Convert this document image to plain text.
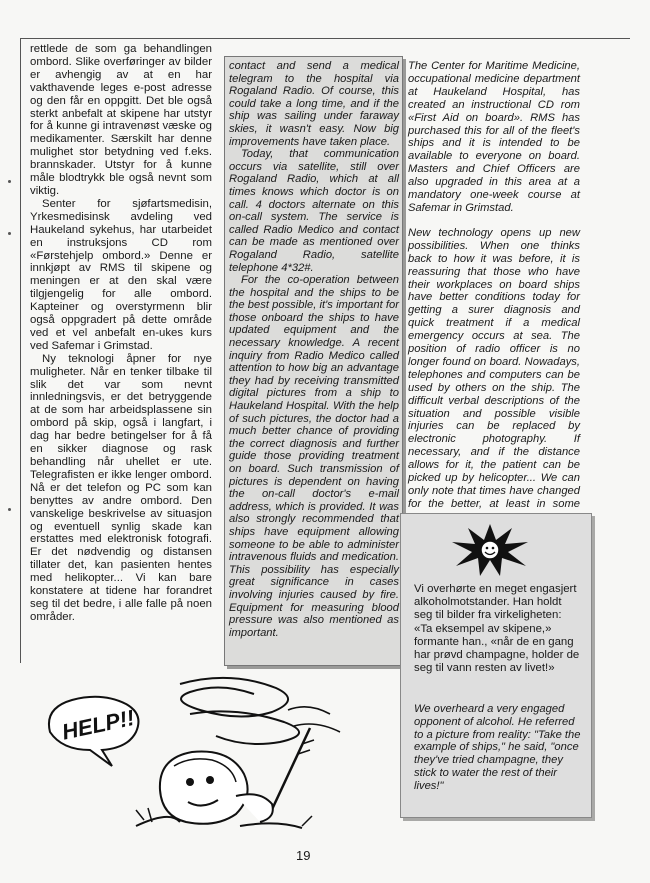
rettlede de som ga behandlingen ombord. Slike overføringer av bilder er avhengig av at en har vakthavende leges e-post adresse og den får en oppgitt. Det ble også sterkt anbefalt at skipene har utstyr for å kunne gi intravenøst væske og medikamenter. Særskilt har denne mulighet stor betydning ved f.eks. brannskader. Utstyr for å kunne måle blodtrykk ble også nevnt som viktig.

Senter for sjøfartsmedisin, Yrkesmedisinsk avdeling ved Haukeland sykehus, har utarbeidet en instruksjons CD rom «Førstehjelp ombord.» Denne er innkjøpt av RMS til skipene og meningen er at den skal være tilgjengelig for alle ombord. Kapteiner og overstyrmenn blir også oppgradert på dette område ved et vel anbefalt en-ukes kurs ved Safemar i Grimstad.

Ny teknologi åpner for nye muligheter. Når en tenker tilbake til slik det var som nevnt innledningsvis, er det betryggende at de som har arbeidsplassene sin ombord på skip, også i langfart, i dag har bedre betingelser for å få en sikker diagnose og rask behandling når uhellet er ute. Telegrafisten er ikke lenger ombord. Nå er det telefon og PC som kan benyttes av andre ombord. Den vanskelige beskrivelse av situasjon og eventuell synlig skade kan erstattes med elektronisk fotografi. Er det nødvendig og distansen tillater det, kan pasienten hentes med helikopter... Vi kan bare konstatere at tidene har forandret seg til det bedre, i alle falle på noen områder.

contact and send a medical telegram to the hospital via Rogaland Radio. Of course, this could take a long time, and if the ship was sailing under faraway skies, it wasn't easy. Now big improvements have taken place.

Today, that communication occurs via satellite, still over Rogaland Radio, which at all times knows which doctor is on call. 4 doctors alternate on this on-call system. The service is called Radio Medico and contact can be made as mentioned over Rogaland Radio, satellite telephone 4*32#.

For the co-operation between the hospital and the ships to be the best possible, it's important for those onboard the ships to have updated equipment and the necessary knowledge. A recent inquiry from Radio Medico called attention to how big an advantage they had by receiving transmitted digital pictures from a ship to Haukeland Hospital. With the help of such pictures, the doctor had a much better chance of providing the correct diagnosis and further guide those providing treatment on board. Such transmission of pictures is dependent on having the on-call doctor's e-mail address, which is provided. It was also strongly recommended that ships have equipment allowing someone to be able to administer intravenous fluids and medication. This possibility has especially great significance in cases involving injuries caused by fire. Equipment for measuring blood pressure was also mentioned as important.

The Center for Maritime Medicine, occupational medicine department at Haukeland Hospital, has created an instructional CD rom «First Aid on board». RMS has purchased this for all of the fleet's ships and it is intended to be available to everyone on board. Masters and Chief Officers are also upgraded in this area at a mandatory one-week course at Safemar in Grimstad.

New technology opens up new possibilities. When one thinks back to how it was before, it is reassuring that those who have their workplaces on board ships have better conditions today for getting a surer diagnosis and quick treatment if a medical emergency occurs at sea. The position of radio officer is no longer found on board. Nowadays, telephones and computers can be used by others on the ship. The difficult verbal descriptions of the situation and possible visible injuries can be replaced by electronic photography. If necessary, and if the distance allows for it, the patient can be picked up by helicopter... We can only note that times have changed for the better, at least in some

Vi overhørte en meget engasjert alkoholmotstander. Han holdt seg til bilder fra virkeligheten: «Ta eksempel av skipene,» formante han., «når de en gang har prøvd champagne, holder de seg til vann resten av livet!»
We overheard a very engaged opponent of alcohol. He referred to a picture from reality: "Take the example of ships," he said, "once they've tried champagne, they stick to water the rest of their lives!"
HELP!!
19
